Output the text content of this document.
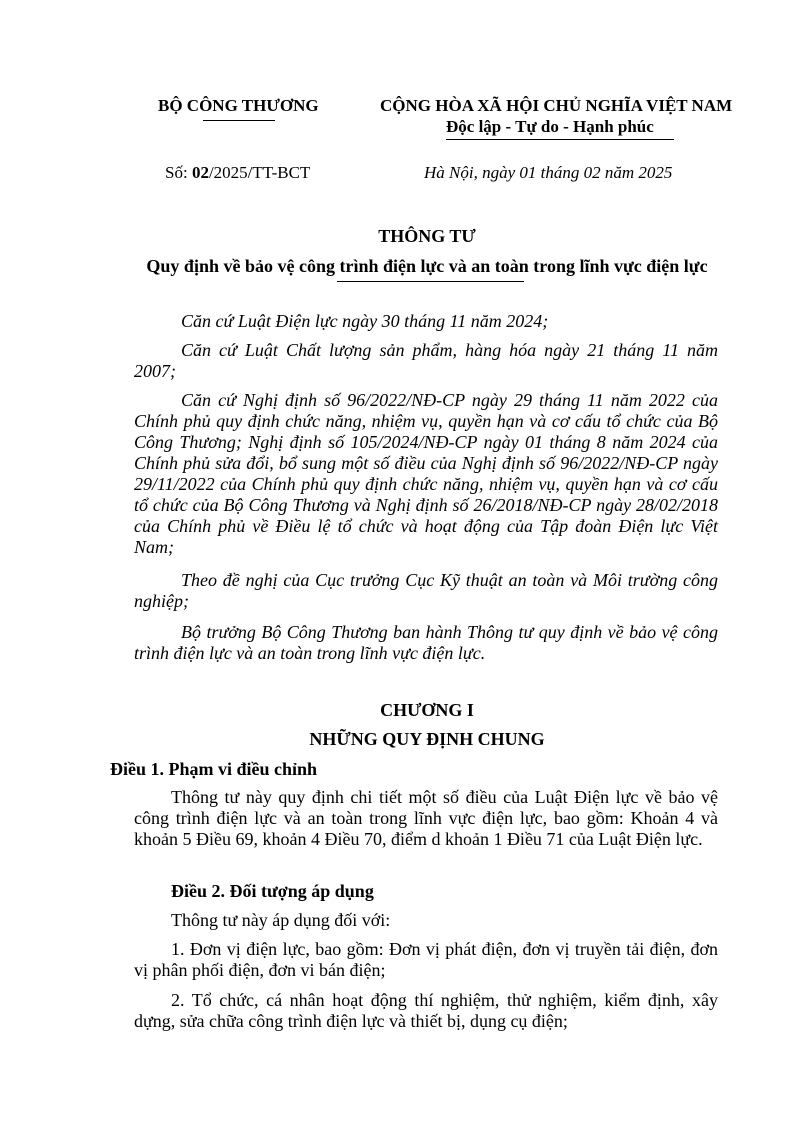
BỘ CÔNG THƯƠNG	CỘNG HÒA XÃ HỘI CHỦ NGHĨA VIỆT NAM
Độc lập - Tự do - Hạnh phúc
Số: 02/2025/TT-BCT	Hà Nội, ngày 01 tháng 02 năm 2025
THÔNG TƯ
Quy định về bảo vệ công trình điện lực và an toàn trong lĩnh vực điện lực

Căn cứ Luật Điện lực ngày 30 tháng 11 năm 2024;

Căn cứ Luật Chất lượng sản phẩm, hàng hóa ngày 21 tháng 11 năm 2007;

Căn cứ Nghị định số 96/2022/NĐ-CP ngày 29 tháng 11 năm 2022 của Chính phủ quy định chức năng, nhiệm vụ, quyền hạn và cơ cấu tổ chức của Bộ Công Thương; Nghị định số 105/2024/NĐ-CP ngày 01 tháng 8 năm 2024 của Chính phủ sửa đổi, bổ sung một số điều của Nghị định số 96/2022/NĐ-CP ngày 29/11/2022 của Chính phủ quy định chức năng, nhiệm vụ, quyền hạn và cơ cấu tổ chức của Bộ Công Thương và Nghị định số 26/2018/NĐ-CP ngày 28/02/2018 của Chính phủ về Điều lệ tổ chức và hoạt động của Tập đoàn Điện lực Việt Nam;

Theo đề nghị của Cục trưởng Cục Kỹ thuật an toàn và Môi trường công nghiệp;

Bộ trưởng Bộ Công Thương ban hành Thông tư quy định về bảo vệ công trình điện lực và an toàn trong lĩnh vực điện lực.

CHƯƠNG I
NHỮNG QUY ĐỊNH CHUNG
Điều 1. Phạm vi điều chỉnh

Thông tư này quy định chi tiết một số điều của Luật Điện lực về bảo vệ công trình điện lực và an toàn trong lĩnh vực điện lực, bao gồm: Khoản 4 và khoản 5 Điều 69, khoản 4 Điều 70, điểm d khoản 1 Điều 71 của Luật Điện lực.

Điều 2. Đối tượng áp dụng
Thông tư này áp dụng đối với:

1. Đơn vị điện lực, bao gồm: Đơn vị phát điện, đơn vị truyền tải điện, đơn vị phân phối điện, đơn vi bán điện;

2. Tổ chức, cá nhân hoạt động thí nghiệm, thử nghiệm, kiểm định, xây dựng, sửa chữa công trình điện lực và thiết bị, dụng cụ điện;
